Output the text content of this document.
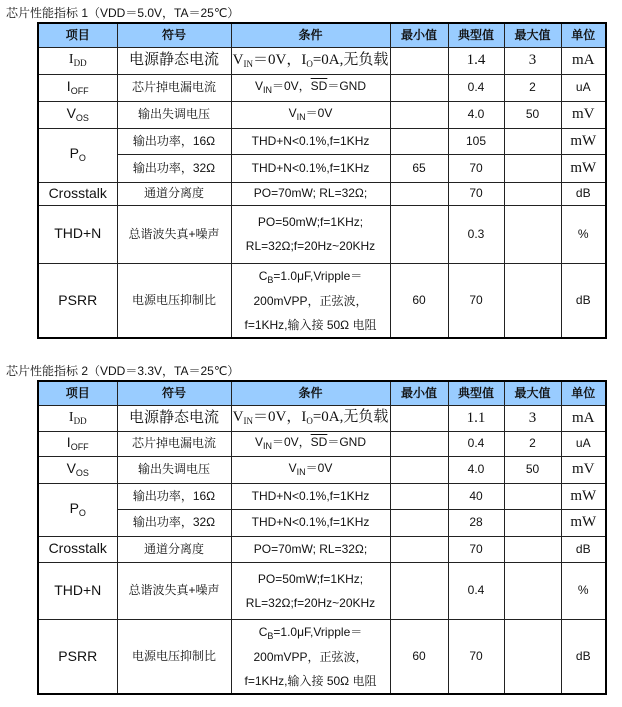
芯片性能指标 1（VDD＝5.0V，TA＝25℃）
项目	符号	条件	最小值	典型值	最大值	单位
$I_{DD}$	电源静态电流	$V_{IN}=0V$，$I_O=0A$,无负载		1.4	3	mA
$I_{OFF}$	芯片掉电漏电流	$V_{IN}=0V$，$\overline{SD}=GND$		0.4	2	uA
$V_{OS}$	输出失调电压	$V_{IN}=0V$		4.0	50	mV
$P_O$	输出功率，16Ω	THD+N<0.1%,f=1KHz		105		mW
	输出功率，32Ω	THD+N<0.1%,f=1KHz	65	70		mW
Crosstalk	通道分离度	PO=70mW; RL=32Ω;		70		dB
THD+N	总谐波失真+噪声	PO=50mW;f=1KHz;
RL=32Ω;f=20Hz~20KHz		0.3		%
PSRR	电源电压抑制比	$C_B=1.0\mu F,Vripple=$
200mVPP，正弦波，
f=1KHz,输入接 50Ω 电阻	60	70		dB
芯片性能指标 2（VDD＝3.3V，TA＝25℃）
项目	符号	条件	最小值	典型值	最大值	单位
$I_{DD}$	电源静态电流	$V_{IN}=0V$，$I_O=0A$,无负载		1.1	3	mA
$I_{OFF}$	芯片掉电漏电流	$V_{IN}=0V$，$\overline{SD}=GND$		0.4	2	uA
$V_{OS}$	输出失调电压	$V_{IN}=0V$		4.0	50	mV
$P_O$	输出功率，16Ω	THD+N<0.1%,f=1KHz		40		mW
	输出功率，32Ω	THD+N<0.1%,f=1KHz		28		mW
Crosstalk	通道分离度	PO=70mW; RL=32Ω;		70		dB
THD+N	总谐波失真+噪声	PO=50mW;f=1KHz;
RL=32Ω;f=20Hz~20KHz		0.4		%
PSRR	电源电压抑制比	$C_B=1.0\mu F,Vripple=$
200mVPP，正弦波，
f=1KHz,输入接 50Ω 电阻	60	70		dB
